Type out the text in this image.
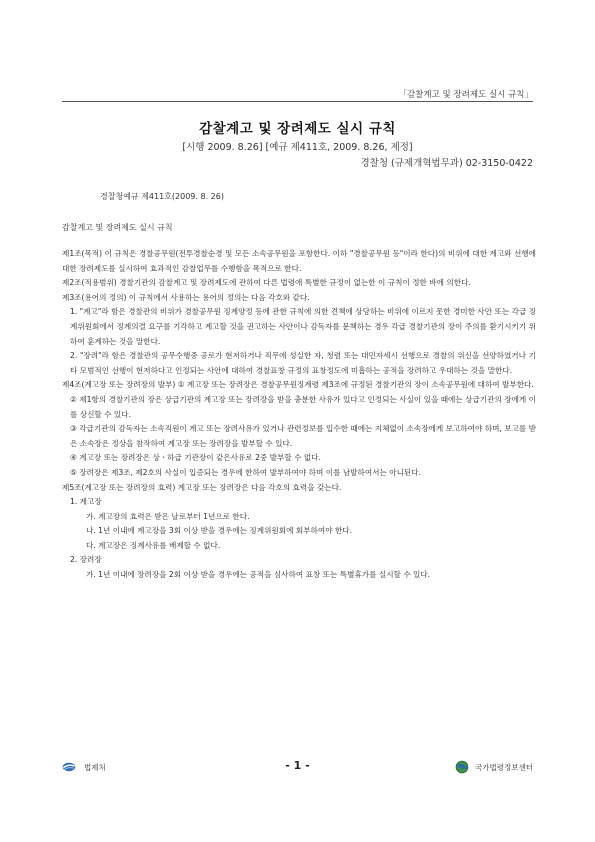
「감찰계고 및 장려제도 실시 규칙」
감찰계고 및 장려제도 실시 규칙
[시행 2009. 8.26] [예규 제411호, 2009. 8.26, 제정]
경찰청 (규제개혁법무과) 02-3150-0422
경찰청예규 제411호(2009. 8. 26)
감찰계고 및 장려제도 실시 규칙

제1조(목적) 이 규칙은 경찰공무원(전투경찰순경 및 모든 소속공무원을 포함한다. 이하 "경찰공무원 등"이라 한다)의 비위에 대한 계고와 선행에 대한 장려제도를 실시하여 효과적인 감찰업무를 수행함을 목적으로 한다.

제2조(적용범위) 경찰기관의 감찰계고 및 장려제도에 관하여 다른 법령에 특별한 규정이 없는한 이 규칙이 정한 바에 의한다.

제3조(용어의 정의) 이 규칙에서 사용하는 용어의 정의는 다음 각호와 같다.

1. "계고"라 함은 경찰관의 비위가 경찰공무원 징계양정 등에 관한 규칙에 의한 견책에 상당하는 비위에 이르지 못한 경미한 사안 또는 각급 징계위원회에서 징계의결 요구를 기각하고 계고할 것을 권고하는 사안이나 감독자를 문책하는 경우 각급 경찰기관의 장이 주의를 환기시키기 위하여 훈계하는 것을 말한다.

2. "장려"라 함은 경찰관의 공무수행중 공로가 현저하거나 직무에 성실한 자, 청렴 또는 대민자세시 선행으로 경찰의 위신을 선양하였거나 기타 모범적인 선행이 현저하다고 인정되는 사안에 대하여 경찰표창 규정의 표창정도에 미흡하는 공적을 장려하고 우대하는 것을 말한다.

제4조(계고장 또는 장려장의 발부) ① 계고장 또는 장려장은 경찰공무원징계령 제3조에 규정된 경찰기관의 장이 소속공무원에 대하여 발부한다.

② 제1항의 경찰기관의 장은 상급기관의 계고장 또는 장려장을 받을 충분한 사유가 있다고 인정되는 사실이 있을 때에는 상급기관의 장에게 이를 상신할 수 있다.

③ 각급기관의 감독자는 소속직원이 계고 또는 장려사유가 있거나 관련정보를 입수한 때에는 지체없이 소속장에게 보고하여야 하며, 보고를 받은 소속장은 정상을 참작하여 계고장 또는 장려장을 발부할 수 있다.

④ 계고장 또는 장려장은 상ㆍ하급 기관장이 같은사유로 2중 발부할 수 없다.

⑤ 장려장은 제3조, 제2호의 사실이 입증되는 경우에 한하여 발부하여야 하며 이를 남발하여서는 아니된다.

제5조(계고장 또는 장려장의 효력) 계고장 또는 장려장은 다음 각호의 효력을 갖는다.

1. 계고장

가. 계고장의 효력은 받은 날로부터 1년으로 한다.

나. 1년 이내에 계고장을 3회 이상 받을 경우에는 징계위원회에 회부하여야 한다.

다. 계고장은 징계사유를 배제할 수 없다.

2. 장려장

가. 1년 이내에 장려장을 2회 이상 받을 경우에는 공적을 심사하여 표창 또는 특별휴가를 실시할 수 있다.

법제처	- 1 -	국가법령정보센터
